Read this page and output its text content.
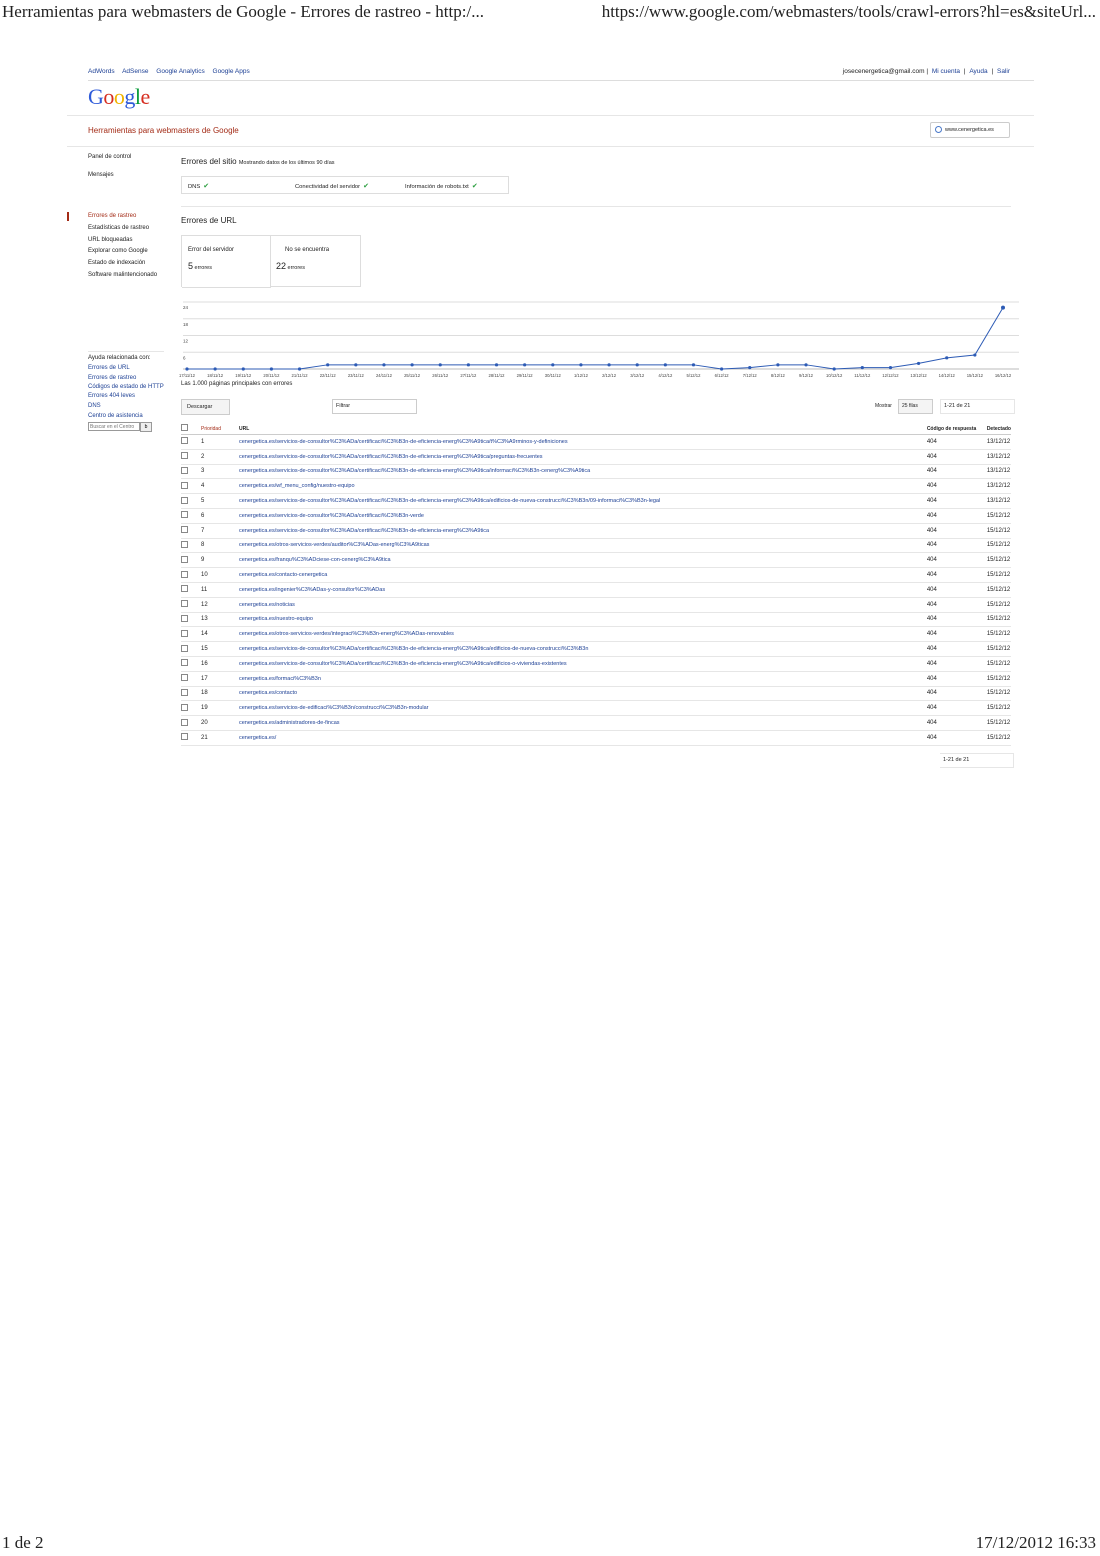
Herramientas para webmasters de Google - Errores de rastreo - http:/...	https://www.google.com/webmasters/tools/crawl-errors?hl=es&siteUrl...
AdWords AdSense Google Analytics Google Apps	josecenergetica@gmail.com | Mi cuenta | Ayuda | Salir
Google
Herramientas para webmasters de Google	www.cenergetica.es
Panel de control
Mensajes
Errores de rastreo
Estadísticas de rastreo
URL bloqueadas
Explorar como Google
Estado de indexación
Software malintencionado
Ayuda relacionada con:
Errores de URL
Errores de rastreo
Códigos de estado de HTTP
Errores 404 leves
DNS
Centro de asistencia
Buscar en el Centro
b
Errores del sitio Mostrando datos de los últimos 90 días
DNS ✔	Conectividad del servidor ✔	Información de robots.txt ✔
Errores de URL
Error del servidor
5 errores
No se encuentra
22 errores
24
18
12
6
17/11/12	18/11/12	19/11/12	20/11/12	21/11/12	22/11/12	23/11/12	24/11/12	25/11/12	26/11/12	27/11/12	28/11/12	29/11/12	30/11/12	1/12/12	2/12/12	3/12/12	4/12/12	5/12/12	6/12/12	7/12/12	8/12/12	9/12/12	10/12/12	11/12/12	12/12/12	13/12/12	14/12/12	15/12/12	16/12/12
Las 1.000 páginas principales con errores
Descargar	Filtrar	Mostrar	25 filas	1-21 de 21
	Prioridad	URL	Código de respuesta	Detectado
	1	cenergetica.es/servicios-de-consultor%C3%ADa/certificaci%C3%B3n-de-eficiencia-energ%C3%A9tica/t%C3%A9rminos-y-definiciones	404	13/12/12
	2	cenergetica.es/servicios-de-consultor%C3%ADa/certificaci%C3%B3n-de-eficiencia-energ%C3%A9tica/preguntas-frecuentes	404	13/12/12
	3	cenergetica.es/servicios-de-consultor%C3%ADa/certificaci%C3%B3n-de-eficiencia-energ%C3%A9tica/informaci%C3%B3n-cenerg%C3%A9tica	404	13/12/12
	4	cenergetica.es/wf_menu_config/nuestro-equipo	404	13/12/12
	5	cenergetica.es/servicios-de-consultor%C3%ADa/certificaci%C3%B3n-de-eficiencia-energ%C3%A9tica/edificios-de-nueva-construcci%C3%B3n/09-informaci%C3%B3n-legal	404	13/12/12
	6	cenergetica.es/servicios-de-consultor%C3%ADa/certificaci%C3%B3n-verde	404	15/12/12
	7	cenergetica.es/servicios-de-consultor%C3%ADa/certificaci%C3%B3n-de-eficiencia-energ%C3%A9tica	404	15/12/12
	8	cenergetica.es/otros-servicios-verdes/auditor%C3%ADas-energ%C3%A9ticas	404	15/12/12
	9	cenergetica.es/franqu%C3%ADciese-con-cenerg%C3%A9tica	404	15/12/12
	10	cenergetica.es/contacto-cenergetica	404	15/12/12
	11	cenergetica.es/ingenier%C3%ADas-y-consultor%C3%ADas	404	15/12/12
	12	cenergetica.es/noticias	404	15/12/12
	13	cenergetica.es/nuestro-equipo	404	15/12/12
	14	cenergetica.es/otros-servicios-verdes/integraci%C3%B3n-energ%C3%ADas-renovables	404	15/12/12
	15	cenergetica.es/servicios-de-consultor%C3%ADa/certificaci%C3%B3n-de-eficiencia-energ%C3%A9tica/edificios-de-nueva-construcci%C3%B3n	404	15/12/12
	16	cenergetica.es/servicios-de-consultor%C3%ADa/certificaci%C3%B3n-de-eficiencia-energ%C3%A9tica/edificios-o-viviendas-existentes	404	15/12/12
	17	cenergetica.es/formaci%C3%B3n	404	15/12/12
	18	cenergetica.es/contacto	404	15/12/12
	19	cenergetica.es/servicios-de-edificaci%C3%B3n/construcci%C3%B3n-modular	404	15/12/12
	20	cenergetica.es/administradores-de-fincas	404	15/12/12
	21	cenergetica.es/	404	15/12/12
1-21 de 21
1 de 2	17/12/2012 16:33
